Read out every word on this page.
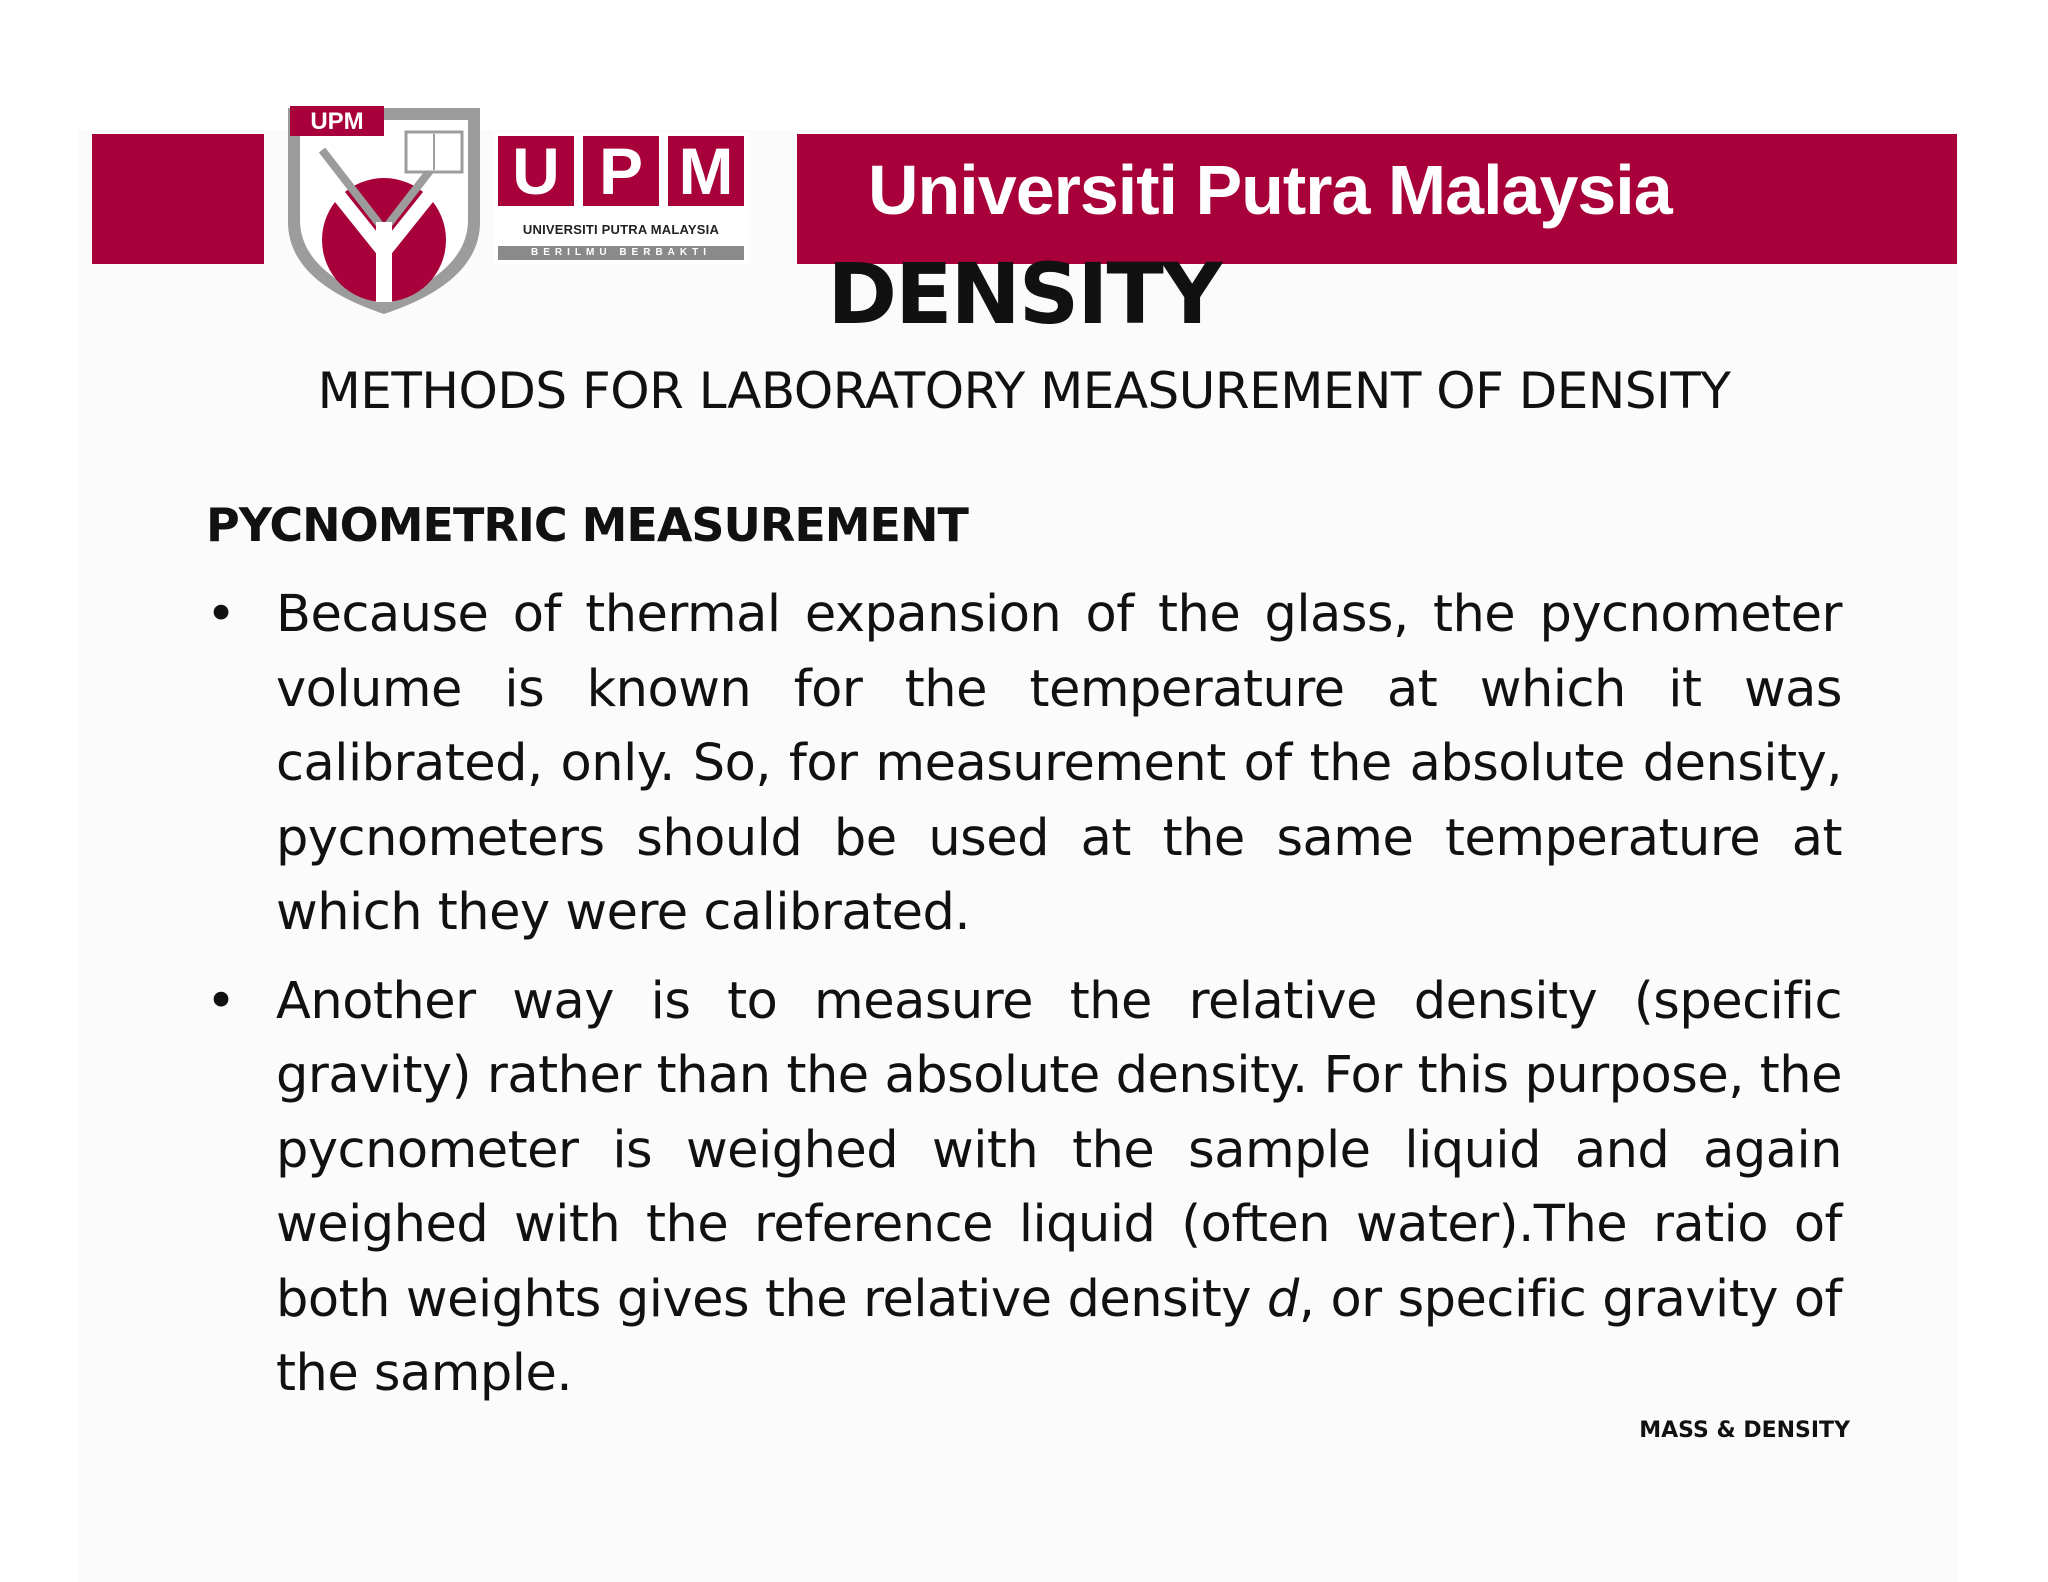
Universiti Putra Malaysia
UPM
U P M
UNIVERSITI PUTRA MALAYSIA
BERILMU BERBAKTI	DENSITY
METHODS FOR LABORATORY MEASUREMENT OF DENSITY
PYCNOMETRIC MEASUREMENT
• Because of thermal expansion of the glass, the pycnometer volume is known for the temperature at which it was calibrated, only. So, for measurement of the absolute density, pycnometers should be used at the same temperature at which they were calibrated.
• Another way is to measure the relative density (specific gravity) rather than the absolute density. For this purpose, the pycnometer is weighed with the sample liquid and again weighed with the reference liquid (often water).The ratio of both weights gives the relative density d, or specific gravity of the sample.
MASS & DENSITY
